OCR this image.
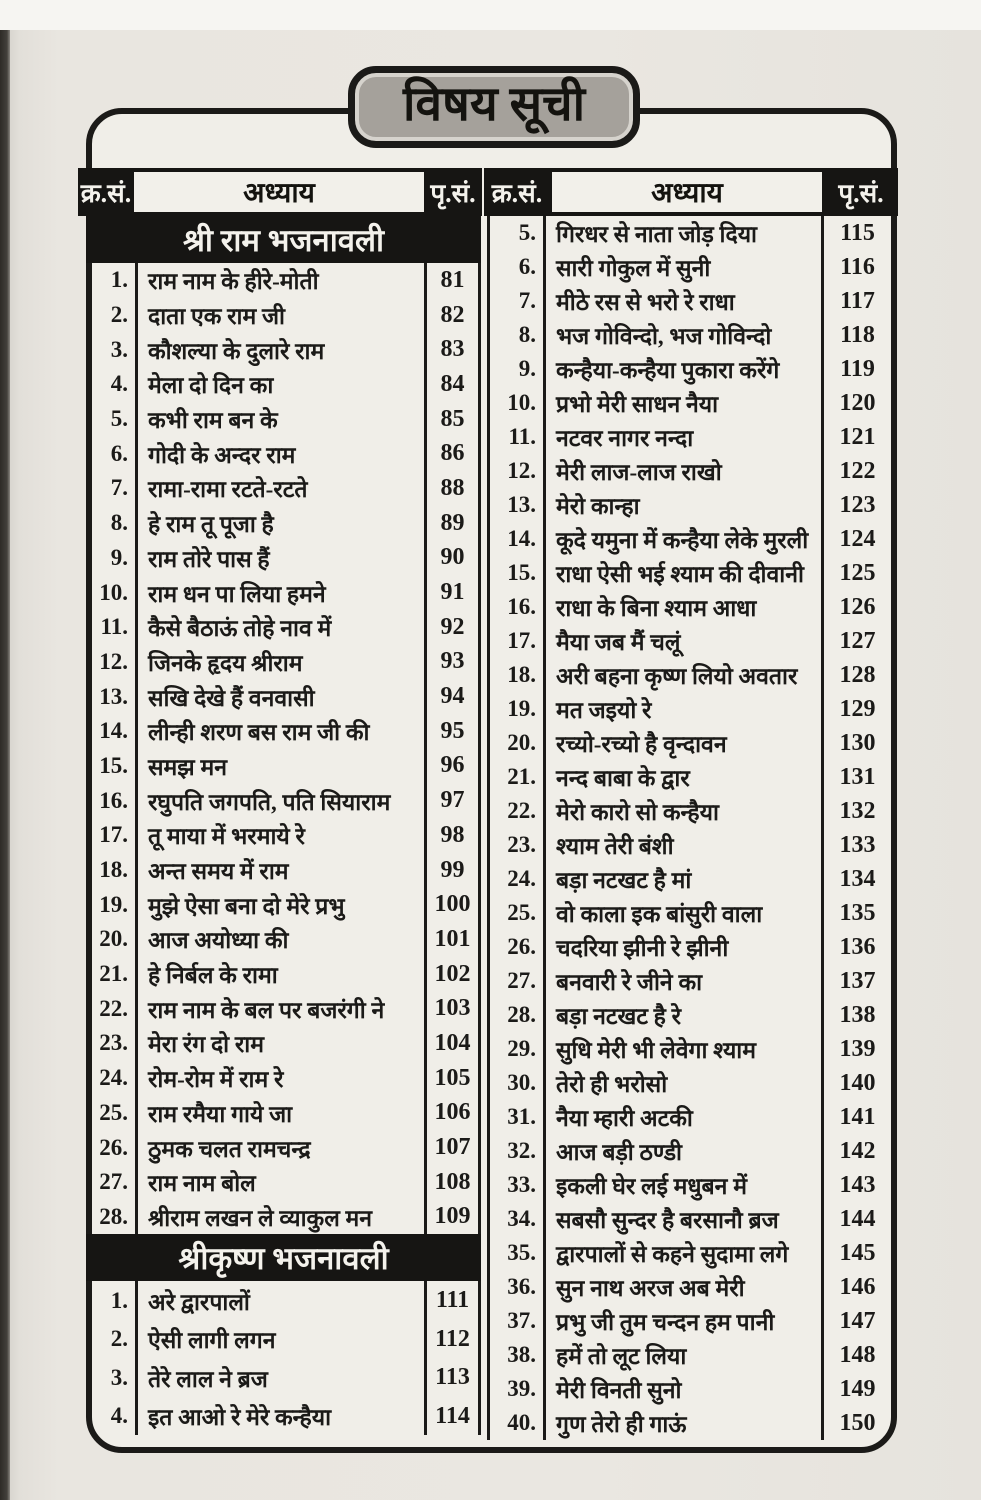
विषय सूची
क्र.सं.	अध्याय	पृ.सं. क्र.सं.	अध्याय	पृ.सं.
श्री राम भजनावली
1. राम नाम के हीरे-मोती	81
2. दाता एक राम जी	82
3. कौशल्या के दुलारे राम	83
4. मेला दो दिन का	84
5. कभी राम बन के	85
6. गोदी के अन्दर राम	86
7. रामा-रामा रटते-रटते	88
8. हे राम तू पूजा है	89
9. राम तोरे पास हैं	90
10. राम धन पा लिया हमने	91
11. कैसे बैठाऊं तोहे नाव में	92
12. जिनके हृदय श्रीराम	93
13. सखि देखे हैं वनवासी	94
14. लीन्ही शरण बस राम जी की	95
15. समझ मन	96
16. रघुपति जगपति, पति सियाराम	97
17. तू माया में भरमाये रे	98
18. अन्त समय में राम	99
19. मुझे ऐसा बना दो मेरे प्रभु	100
20. आज अयोध्या की	101
21. हे निर्बल के रामा	102
22. राम नाम के बल पर बजरंगी ने	103
23. मेरा रंग दो राम	104
24. रोम-रोम में राम रे	105
25. राम रमैया गाये जा	106
26. ठुमक चलत रामचन्द्र	107
27. राम नाम बोल	108
28. श्रीराम लखन ले व्याकुल मन	109
श्रीकृष्ण भजनावली
1. अरे द्वारपालों	111
2. ऐसी लागी लगन	112
3. तेरे लाल ने ब्रज	113
4. इत आओ रे मेरे कन्हैया	114
5. गिरधर से नाता जोड़ दिया	115
6. सारी गोकुल में सुनी	116
7. मीठे रस से भरो रे राधा	117
8. भज गोविन्दो, भज गोविन्दो	118
9. कन्हैया-कन्हैया पुकारा करेंगे	119
10. प्रभो मेरी साधन नैया	120
11. नटवर नागर नन्दा	121
12. मेरी लाज-लाज राखो	122
13. मेरो कान्हा	123
14. कूदे यमुना में कन्हैया लेके मुरली	124
15. राधा ऐसी भई श्याम की दीवानी	125
16. राधा के बिना श्याम आधा	126
17. मैया जब मैं चलूं	127
18. अरी बहना कृष्ण लियो अवतार	128
19. मत जइयो रे	129
20. रच्यो-रच्यो है वृन्दावन	130
21. नन्द बाबा के द्वार	131
22. मेरो कारो सो कन्हैया	132
23. श्याम तेरी बंशी	133
24. बड़ा नटखट है मां	134
25. वो काला इक बांसुरी वाला	135
26. चदरिया झीनी रे झीनी	136
27. बनवारी रे जीने का	137
28. बड़ा नटखट है रे	138
29. सुधि मेरी भी लेवेगा श्याम	139
30. तेरो ही भरोसो	140
31. नैया म्हारी अटकी	141
32. आज बड़ी ठण्डी	142
33. इकली घेर लई मधुबन में	143
34. सबसौ सुन्दर है बरसानौ ब्रज	144
35. द्वारपालों से कहने सुदामा लगे	145
36. सुन नाथ अरज अब मेरी	146
37. प्रभु जी तुम चन्दन हम पानी	147
38. हमें तो लूट लिया	148
39. मेरी विनती सुनो	149
40. गुण तेरो ही गाऊं	150
